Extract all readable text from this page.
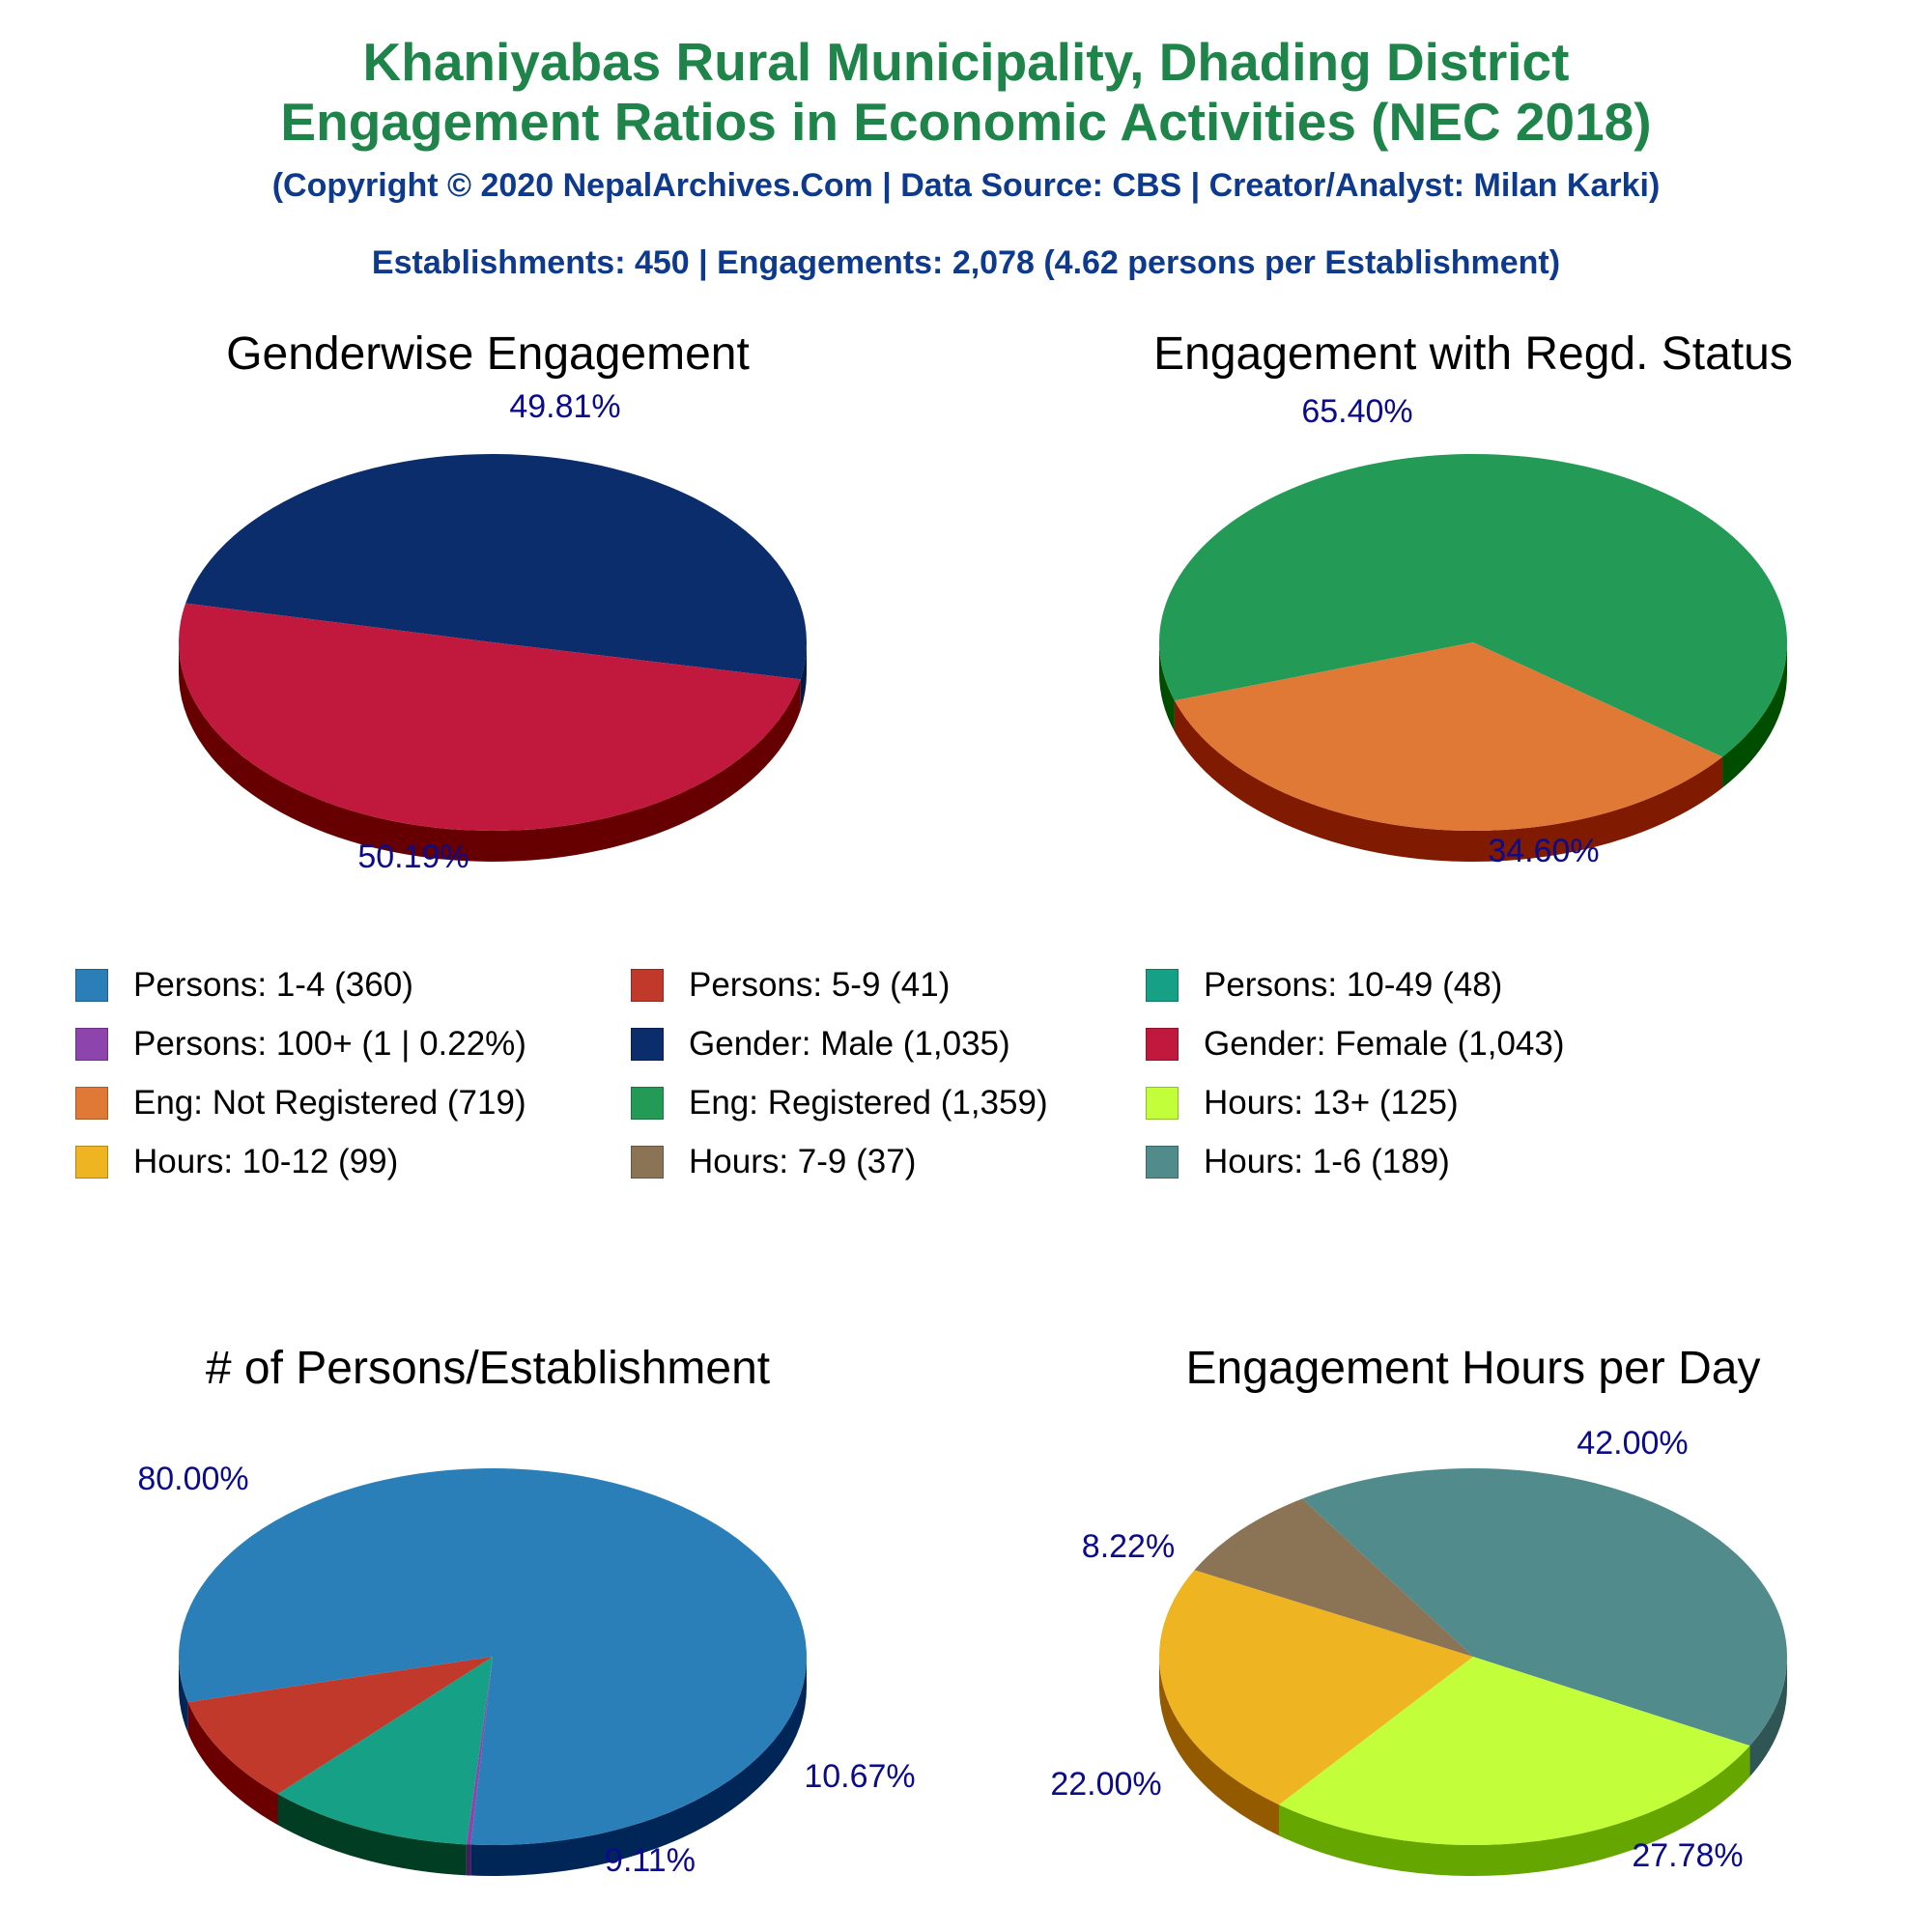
Khaniyabas Rural Municipality, Dhading District
Engagement Ratios in Economic Activities (NEC 2018)
(Copyright © 2020 NepalArchives.Com | Data Source: CBS | Creator/Analyst: Milan Karki)
Establishments: 450 | Engagements: 2,078 (4.62 persons per Establishment)
Genderwise Engagement
49.81%
50.19%
Engagement with Regd. Status
65.40%
34.60%
# of Persons/Establishment
80.00%
10.67%
9.11%
Engagement Hours per Day
42.00%
27.78%
22.00%
8.22%
Persons: 1-4 (360)	Persons: 5-9 (41)	Persons: 10-49 (48)
Persons: 100+ (1 | 0.22%)	Gender: Male (1,035)	Gender: Female (1,043)
Eng: Not Registered (719)	Eng: Registered (1,359)	Hours: 13+ (125)
Hours: 10-12 (99)	Hours: 7-9 (37)	Hours: 1-6 (189)
